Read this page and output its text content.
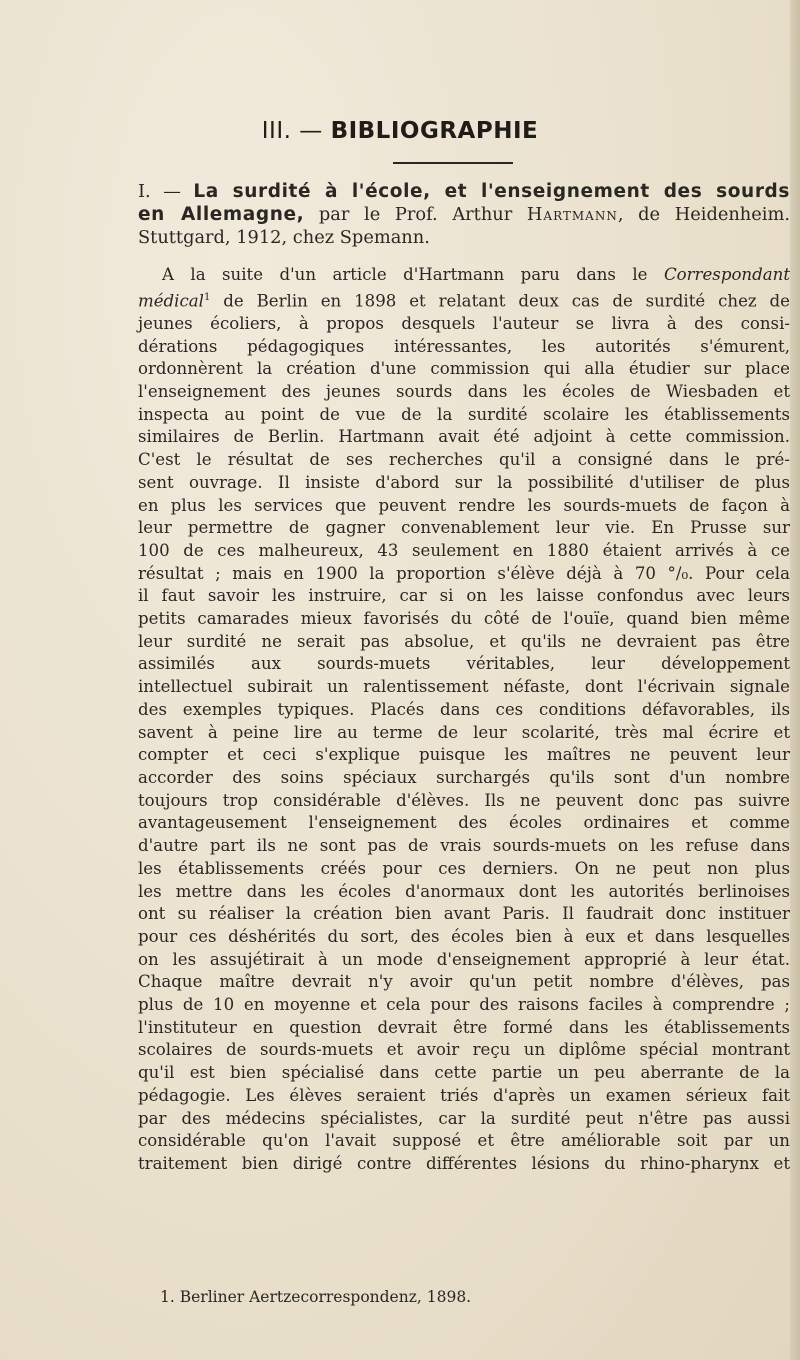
III. — BIBLIOGRAPHIE
I. — La surdité à l'école, et l'enseignement des sourds
en Allemagne, par le Prof. Arthur Hartmann, de Heidenheim.
Stuttgard, 1912, chez Spemann.
A la suite d'un article d'Hartmann paru dans le Correspondant
médical$^1$ de Berlin en 1898 et relatant deux cas de surdité chez de
jeunes écoliers, à propos desquels l'auteur se livra à des consi-
dérations pédagogiques intéressantes, les autorités s'émurent,
ordonnèrent la création d'une commission qui alla étudier sur place
l'enseignement des jeunes sourds dans les écoles de Wiesbaden et
inspecta au point de vue de la surdité scolaire les établissements
similaires de Berlin. Hartmann avait été adjoint à cette commission.
C'est le résultat de ses recherches qu'il a consigné dans le pré-
sent ouvrage. Il insiste d'abord sur la possibilité d'utiliser de plus
en plus les services que peuvent rendre les sourds-muets de façon à
leur permettre de gagner convenablement leur vie. En Prusse sur
100 de ces malheureux, 43 seulement en 1880 étaient arrivés à ce
résultat ; mais en 1900 la proportion s'élève déjà à 70 °/₀. Pour cela
il faut savoir les instruire, car si on les laisse confondus avec leurs
petits camarades mieux favorisés du côté de l'ouïe, quand bien même
leur surdité ne serait pas absolue, et qu'ils ne devraient pas être
assimilés aux sourds-muets véritables, leur développement
intellectuel subirait un ralentissement néfaste, dont l'écrivain signale
des exemples typiques. Placés dans ces conditions défavorables, ils
savent à peine lire au terme de leur scolarité, très mal écrire et
compter et ceci s'explique puisque les maîtres ne peuvent leur
accorder des soins spéciaux surchargés qu'ils sont d'un nombre
toujours trop considérable d'élèves. Ils ne peuvent donc pas suivre
avantageusement l'enseignement des écoles ordinaires et comme
d'autre part ils ne sont pas de vrais sourds-muets on les refuse dans
les établissements créés pour ces derniers. On ne peut non plus
les mettre dans les écoles d'anormaux dont les autorités berlinoises
ont su réaliser la création bien avant Paris. Il faudrait donc instituer
pour ces déshérités du sort, des écoles bien à eux et dans lesquelles
on les assujétirait à un mode d'enseignement approprié à leur état.
Chaque maître devrait n'y avoir qu'un petit nombre d'élèves, pas
plus de 10 en moyenne et cela pour des raisons faciles à comprendre ;
l'instituteur en question devrait être formé dans les établissements
scolaires de sourds-muets et avoir reçu un diplôme spécial montrant
qu'il est bien spécialisé dans cette partie un peu aberrante de la
pédagogie. Les élèves seraient triés d'après un examen sérieux fait
par des médecins spécialistes, car la surdité peut n'être pas aussi
considérable qu'on l'avait supposé et être améliorable soit par un
traitement bien dirigé contre différentes lésions du rhino-pharynx et
1. Berliner Aertzecorrespondenz, 1898.
